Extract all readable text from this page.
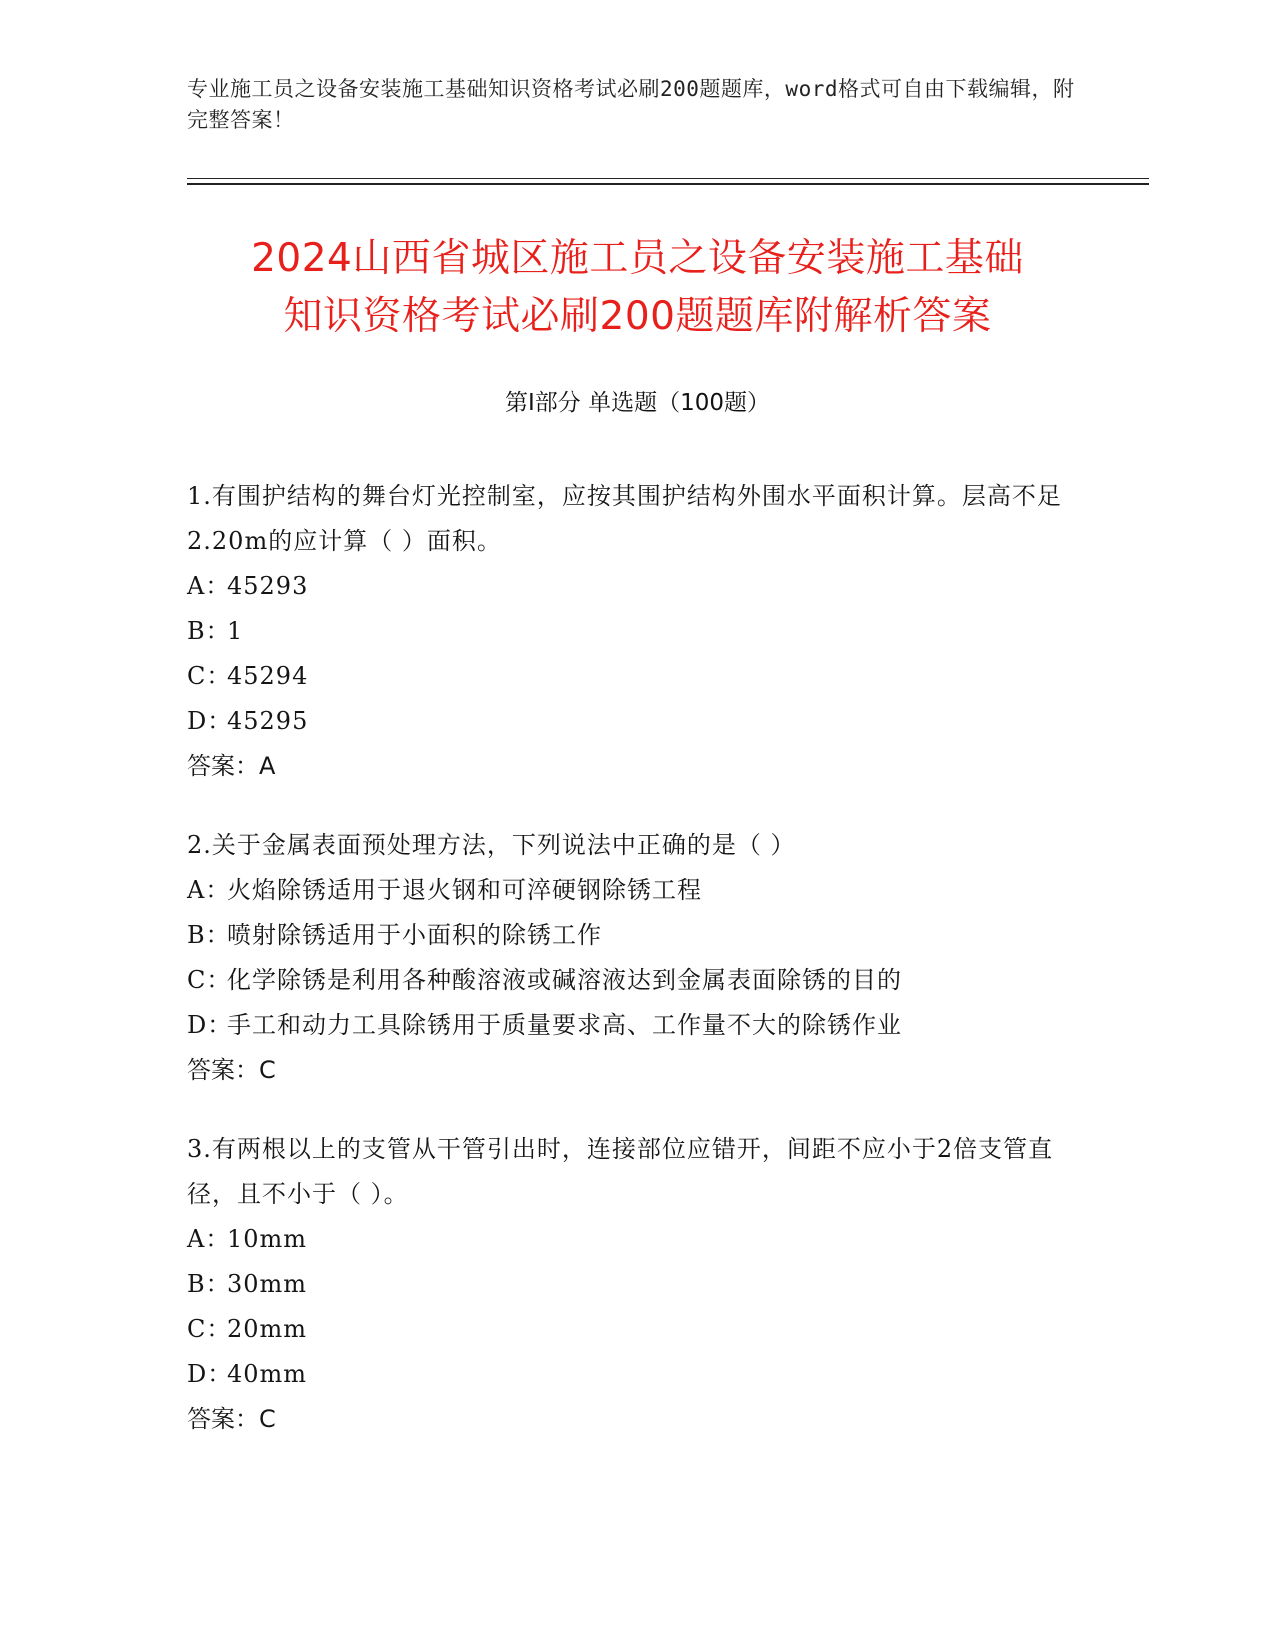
专业施工员之设备安装施工基础知识资格考试必刷200题题库，word格式可自由下载编辑，附完整答案！
2024山西省城区施工员之设备安装施工基础
知识资格考试必刷200题题库附解析答案
第Ⅰ部分 单选题（100题）
1.有围护结构的舞台灯光控制室，应按其围护结构外围水平面积计算。层高不足2.20m的应计算（ ）面积。
A：45293
B：1
C：45294
D：45295
答案：A
2.关于金属表面预处理方法，下列说法中正确的是（ ）
A：火焰除锈适用于退火钢和可淬硬钢除锈工程
B：喷射除锈适用于小面积的除锈工作
C：化学除锈是利用各种酸溶液或碱溶液达到金属表面除锈的目的
D：手工和动力工具除锈用于质量要求高、工作量不大的除锈作业
答案：C
3.有两根以上的支管从干管引出时，连接部位应错开，间距不应小于2倍支管直径，且不小于（ ）。
A：10mm
B：30mm
C：20mm
D：40mm
答案：C
